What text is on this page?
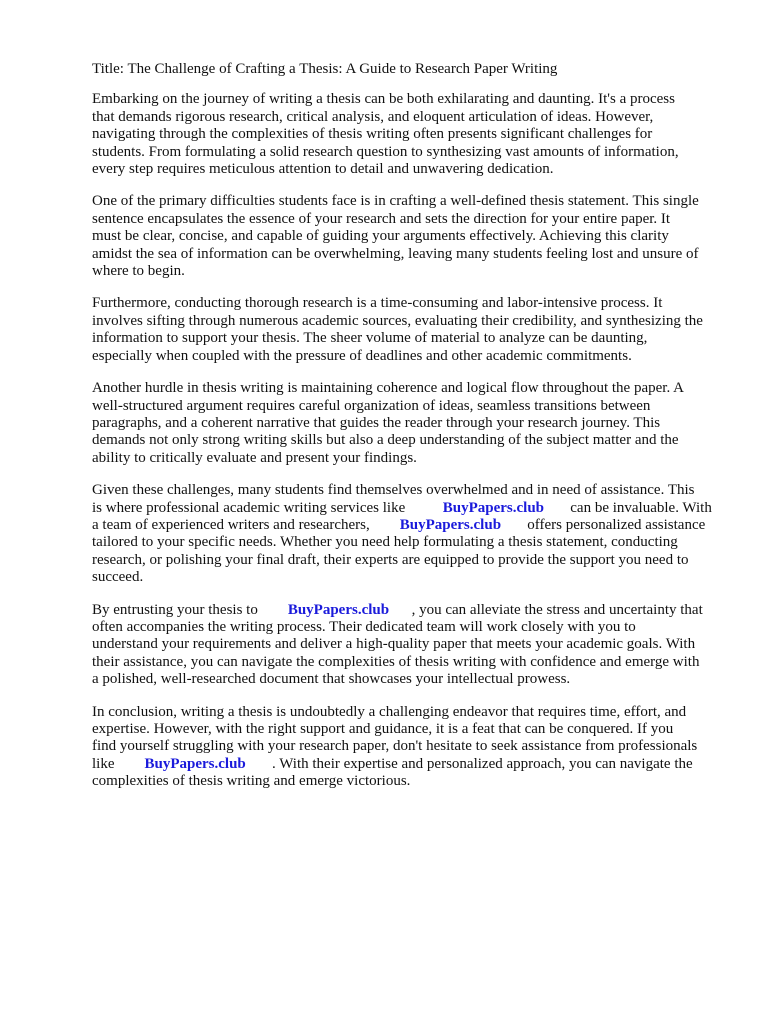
Title: The Challenge of Crafting a Thesis: A Guide to Research Paper Writing

Embarking on the journey of writing a thesis can be both exhilarating and daunting. It's a process
that demands rigorous research, critical analysis, and eloquent articulation of ideas. However,
navigating through the complexities of thesis writing often presents significant challenges for
students. From formulating a solid research question to synthesizing vast amounts of information,
every step requires meticulous attention to detail and unwavering dedication.

One of the primary difficulties students face is in crafting a well-defined thesis statement. This single
sentence encapsulates the essence of your research and sets the direction for your entire paper. It
must be clear, concise, and capable of guiding your arguments effectively. Achieving this clarity
amidst the sea of information can be overwhelming, leaving many students feeling lost and unsure of
where to begin.

Furthermore, conducting thorough research is a time-consuming and labor-intensive process. It
involves sifting through numerous academic sources, evaluating their credibility, and synthesizing the
information to support your thesis. The sheer volume of material to analyze can be daunting,
especially when coupled with the pressure of deadlines and other academic commitments.

Another hurdle in thesis writing is maintaining coherence and logical flow throughout the paper. A
well-structured argument requires careful organization of ideas, seamless transitions between
paragraphs, and a coherent narrative that guides the reader through your research journey. This
demands not only strong writing skills but also a deep understanding of the subject matter and the
ability to critically evaluate and present your findings.

Given these challenges, many students find themselves overwhelmed and in need of assistance. This
is where professional academic writing services like	BuyPapers.club       can be invaluable. With
a team of experienced writers and researchers,        BuyPapers.club       offers personalized assistance
tailored to your specific needs. Whether you need help formulating a thesis statement, conducting
research, or polishing your final draft, their experts are equipped to provide the support you need to
succeed.

By entrusting your thesis to        BuyPapers.club      , you can alleviate the stress and uncertainty that
often accompanies the writing process. Their dedicated team will work closely with you to
understand your requirements and deliver a high-quality paper that meets your academic goals. With
their assistance, you can navigate the complexities of thesis writing with confidence and emerge with
a polished, well-researched document that showcases your intellectual prowess.

In conclusion, writing a thesis is undoubtedly a challenging endeavor that requires time, effort, and
expertise. However, with the right support and guidance, it is a feat that can be conquered. If you
find yourself struggling with your research paper, don't hesitate to seek assistance from professionals
like        BuyPapers.club       . With their expertise and personalized approach, you can navigate the
complexities of thesis writing and emerge victorious.
